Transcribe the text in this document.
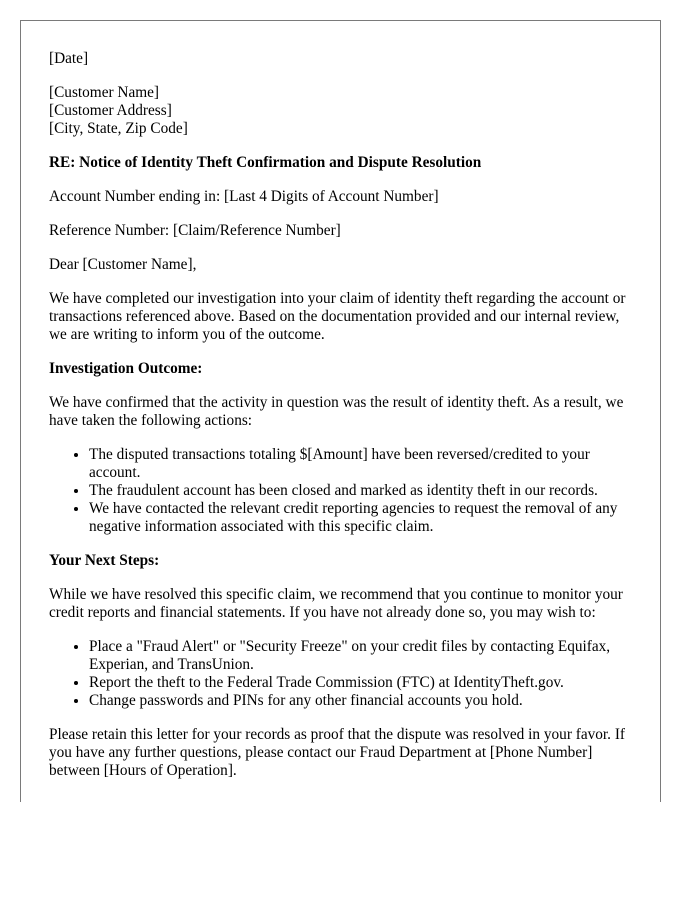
[Date]

[Customer Name]
[Customer Address]
[City, State, Zip Code]

RE: Notice of Identity Theft Confirmation and Dispute Resolution

Account Number ending in: [Last 4 Digits of Account Number]

Reference Number: [Claim/Reference Number]

Dear [Customer Name],

We have completed our investigation into your claim of identity theft regarding the account or transactions referenced above. Based on the documentation provided and our internal review, we are writing to inform you of the outcome.

Investigation Outcome:

We have confirmed that the activity in question was the result of identity theft. As a result, we have taken the following actions:

• The disputed transactions totaling $[Amount] have been reversed/credited to your account.
• The fraudulent account has been closed and marked as identity theft in our records.
• We have contacted the relevant credit reporting agencies to request the removal of any negative information associated with this specific claim.

Your Next Steps:

While we have resolved this specific claim, we recommend that you continue to monitor your credit reports and financial statements. If you have not already done so, you may wish to:

• Place a "Fraud Alert" or "Security Freeze" on your credit files by contacting Equifax, Experian, and TransUnion.
• Report the theft to the Federal Trade Commission (FTC) at IdentityTheft.gov.
• Change passwords and PINs for any other financial accounts you hold.

Please retain this letter for your records as proof that the dispute was resolved in your favor. If you have any further questions, please contact our Fraud Department at [Phone Number] between [Hours of Operation].
